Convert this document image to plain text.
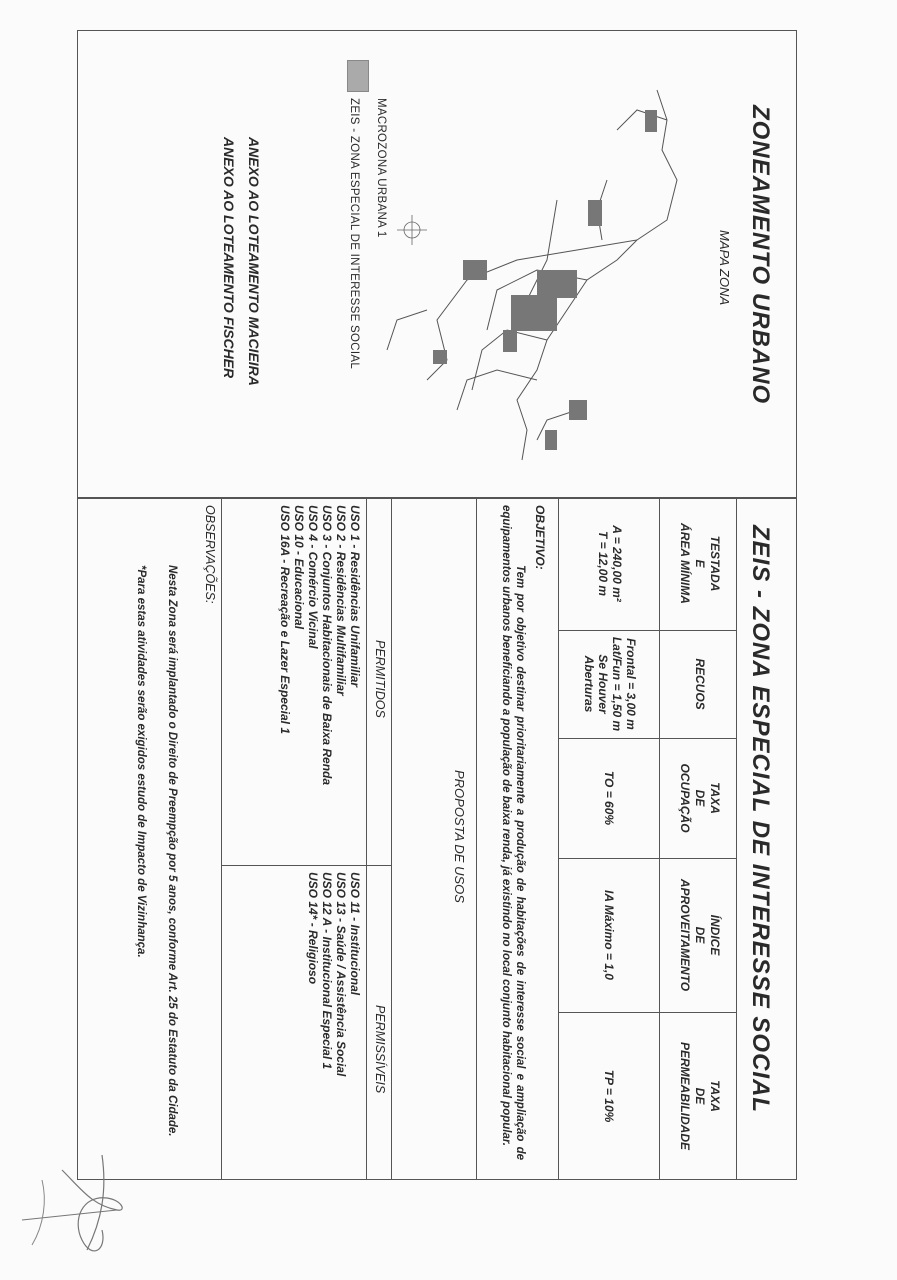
ZONEAMENTO URBANO
MAPA ZONA
ZEIS - ZONA ESPECIAL DE INTERESSE SOCIAL MACROZONA URBANA 1
ANEXO AO LOTEAMENTO MACIEIRA
ANEXO AO LOTEAMENTO FISCHER
ZEIS - ZONA ESPECIAL DE INTERESSE SOCIAL
TESTADA
E
ÁREA MÍNIMA
RECUOS
TAXA
DE
OCUPAÇÃO
ÍNDICE
DE
APROVEITAMENTO
TAXA
DE
PERMEABILIDADE
A = 240,00 m²
T = 12,00 m
Frontal = 3,00 m
Lat/Fun = 1,50 m
Se Houver
Aberturas
TO = 60%
IA Máximo = 1,0
TP = 10%
OBJETIVO:
Tem por objetivo destinar prioritariamente a produção de habitações de interesse social e ampliação de equipamentos urbanos beneficiando a população de baixa renda, já existindo no local conjunto habitacional popular.
PROPOSTA DE USOS
PERMITIDOS
PERMISSÍVEIS
USO 1 - Residências Unifamiliar
USO 2 - Residências Multifamiliar
USO 3 - Conjuntos Habitacionais de Baixa Renda
USO 4 - Comércio Vicinal
USO 10 - Educacional
USO 16A - Recreação e Lazer Especial 1
USO 11 - Institucional
USO 13 - Saúde / Assistência Social
USO 12 A - Institucional Especial 1
USO 14* - Religioso
OBSERVAÇÕES:
Nesta Zona será implantado o Direito de Preempção por 5 anos, conforme Art. 25 do Estatuto da Cidade.
*Para estas atividades serão exigidos estudo de Impacto de Vizinhança.
